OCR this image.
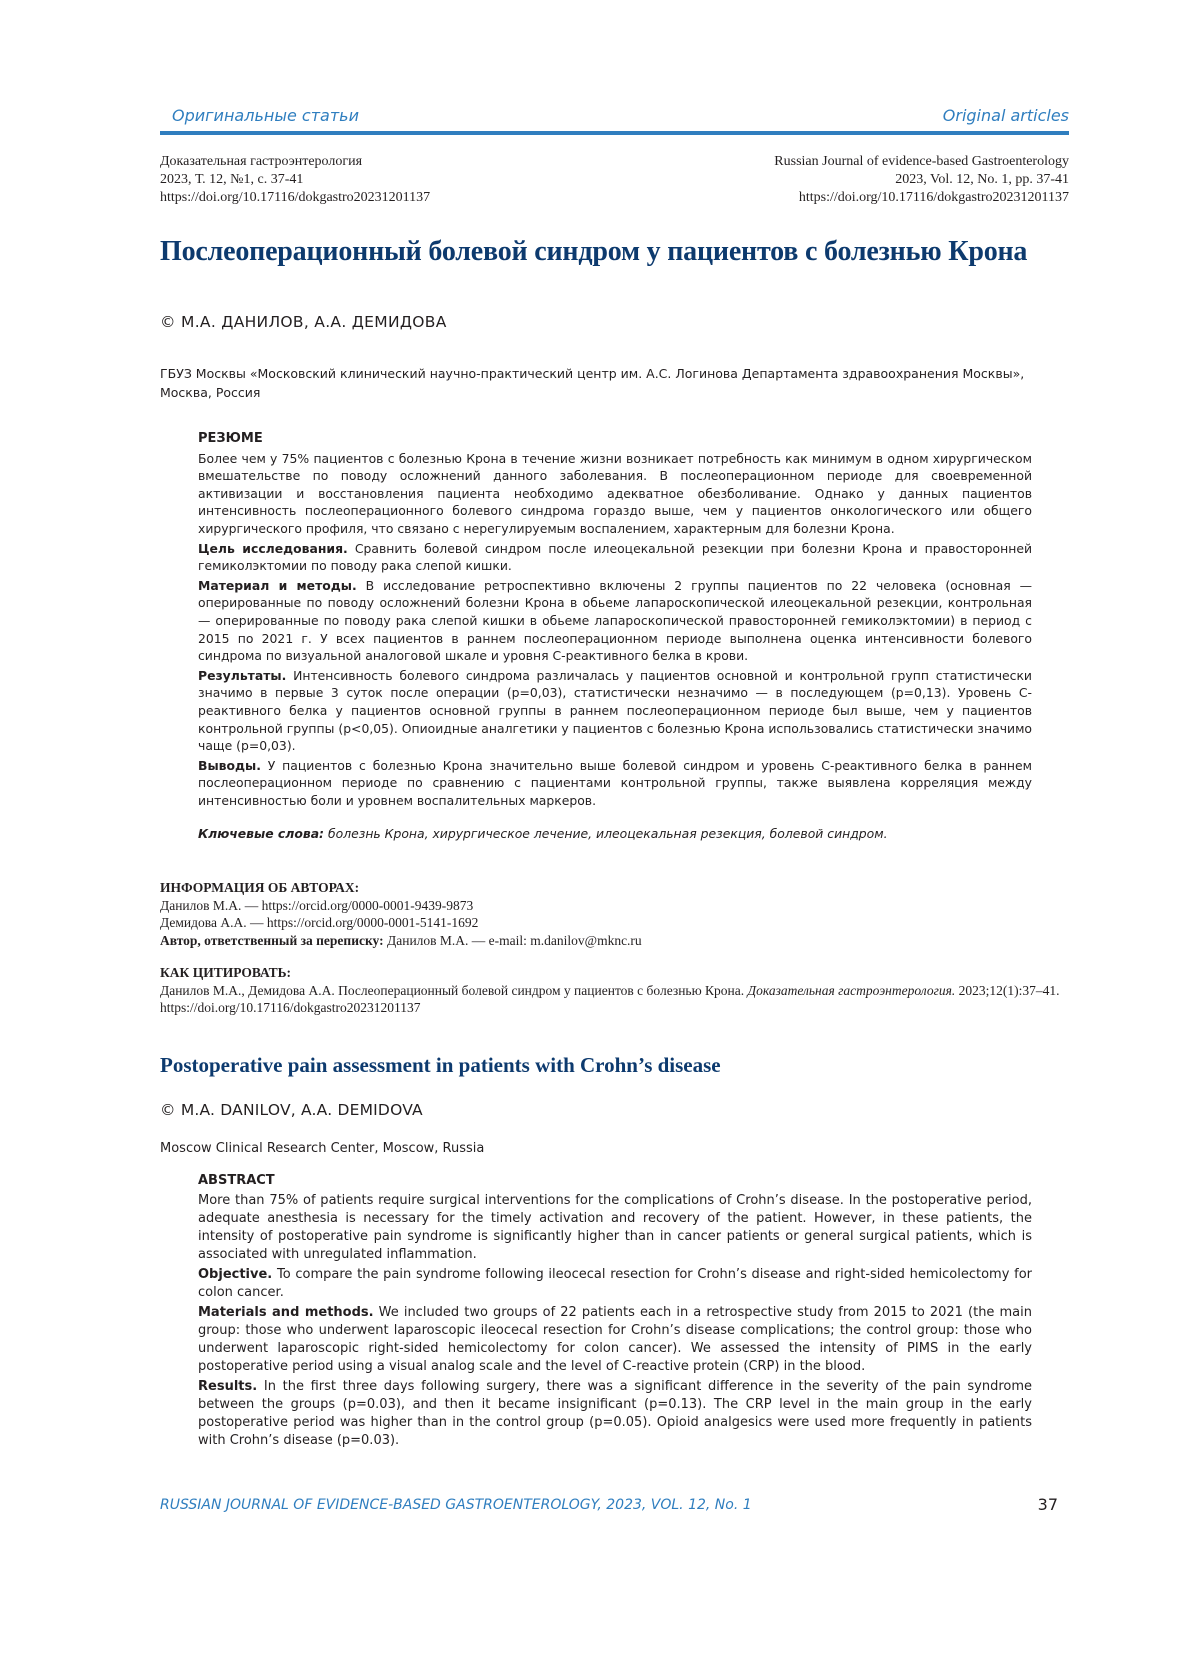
Оригинальные статьи	Original articles
Доказательная гастроэнтерология
2023, Т. 12, №1, с. 37-41
https://doi.org/10.17116/dokgastro20231201137
Russian Journal of evidence-based Gastroenterology
2023, Vol. 12, No. 1, pp. 37-41
https://doi.org/10.17116/dokgastro20231201137
Послеоперационный болевой синдром у пациентов с болезнью Крона
© М.А. ДАНИЛОВ, А.А. ДЕМИДОВА
ГБУЗ Москвы «Московский клинический научно-практический центр им. А.С. Логинова Департамента здравоохранения Москвы», Москва, Россия

РЕЗЮМЕ

Более чем у 75% пациентов с болезнью Крона в течение жизни возникает потребность как минимум в одном хирургическом вмешательстве по поводу осложнений данного заболевания. В послеоперационном периоде для своевременной активизации и восстановления пациента необходимо адекватное обезболивание. Однако у данных пациентов интенсивность послеоперационного болевого синдрома гораздо выше, чем у пациентов онкологического или общего хирургического профиля, что связано с нерегулируемым воспалением, характерным для болезни Крона.

Цель исследования. Сравнить болевой синдром после илеоцекальной резекции при болезни Крона и правосторонней гемиколэктомии по поводу рака слепой кишки.

Материал и методы. В исследование ретроспективно включены 2 группы пациентов по 22 человека (основная — оперированные по поводу осложнений болезни Крона в обьеме лапароскопической илеоцекальной резекции, контрольная — оперированные по поводу рака слепой кишки в обьеме лапароскопической правосторонней гемиколэктомии) в период с 2015 по 2021 г. У всех пациентов в раннем послеоперационном периоде выполнена оценка интенсивности болевого синдрома по визуальной аналоговой шкале и уровня С-реактивного белка в крови.

Результаты. Интенсивность болевого синдрома различалась у пациентов основной и контрольной групп статистически значимо в первые 3 суток после операции (p=0,03), статистически незначимо — в последующем (p=0,13). Уровень С-реактивного белка у пациентов основной группы в раннем послеоперационном периоде был выше, чем у пациентов контрольной группы (p<0,05). Опиоидные аналгетики у пациентов с болезнью Крона использовались статистически значимо чаще (p=0,03).

Выводы. У пациентов с болезнью Крона значительно выше болевой синдром и уровень С-реактивного белка в раннем послеоперационном периоде по сравнению с пациентами контрольной группы, также выявлена корреляция между интенсивностью боли и уровнем воспалительных маркеров.

Ключевые слова: болезнь Крона, хирургическое лечение, илеоцекальная резекция, болевой синдром.

ИНФОРМАЦИЯ ОБ АВТОРАХ:
Данилов М.А. — https://orcid.org/0000-0001-9439-9873
Демидова А.А. — https://orcid.org/0000-0001-5141-1692
Автор, ответственный за переписку: Данилов М.А. — e-mail: m.danilov@mknc.ru
КАК ЦИТИРОВАТЬ:
Данилов М.А., Демидова А.А. Послеоперационный болевой синдром у пациентов с болезнью Крона. Доказательная гастроэнтерология. 2023;12(1):37–41. https://doi.org/10.17116/dokgastro20231201137
Postoperative pain assessment in patients with Crohn’s disease
© M.A. DANILOV, A.A. DEMIDOVA
Moscow Clinical Research Center, Moscow, Russia

ABSTRACT

More than 75% of patients require surgical interventions for the complications of Crohn’s disease. In the postoperative period, adequate anesthesia is necessary for the timely activation and recovery of the patient. However, in these patients, the intensity of postoperative pain syndrome is significantly higher than in cancer patients or general surgical patients, which is associated with unregulated inflammation.

Objective. To compare the pain syndrome following ileocecal resection for Crohn’s disease and right-sided hemicolectomy for colon cancer.

Materials and methods. We included two groups of 22 patients each in a retrospective study from 2015 to 2021 (the main group: those who underwent laparoscopic ileocecal resection for Crohn’s disease complications; the control group: those who underwent laparoscopic right-sided hemicolectomy for colon cancer). We assessed the intensity of PIMS in the early postoperative period using a visual analog scale and the level of C-reactive protein (CRP) in the blood.

Results. In the first three days following surgery, there was a significant difference in the severity of the pain syndrome between the groups (p=0.03), and then it became insignificant (p=0.13). The CRP level in the main group in the early postoperative period was higher than in the control group (p=0.05). Opioid analgesics were used more frequently in patients with Crohn’s disease (p=0.03).

RUSSIAN JOURNAL OF EVIDENCE-BASED GASTROENTEROLOGY, 2023, VOL. 12, No. 1	37
